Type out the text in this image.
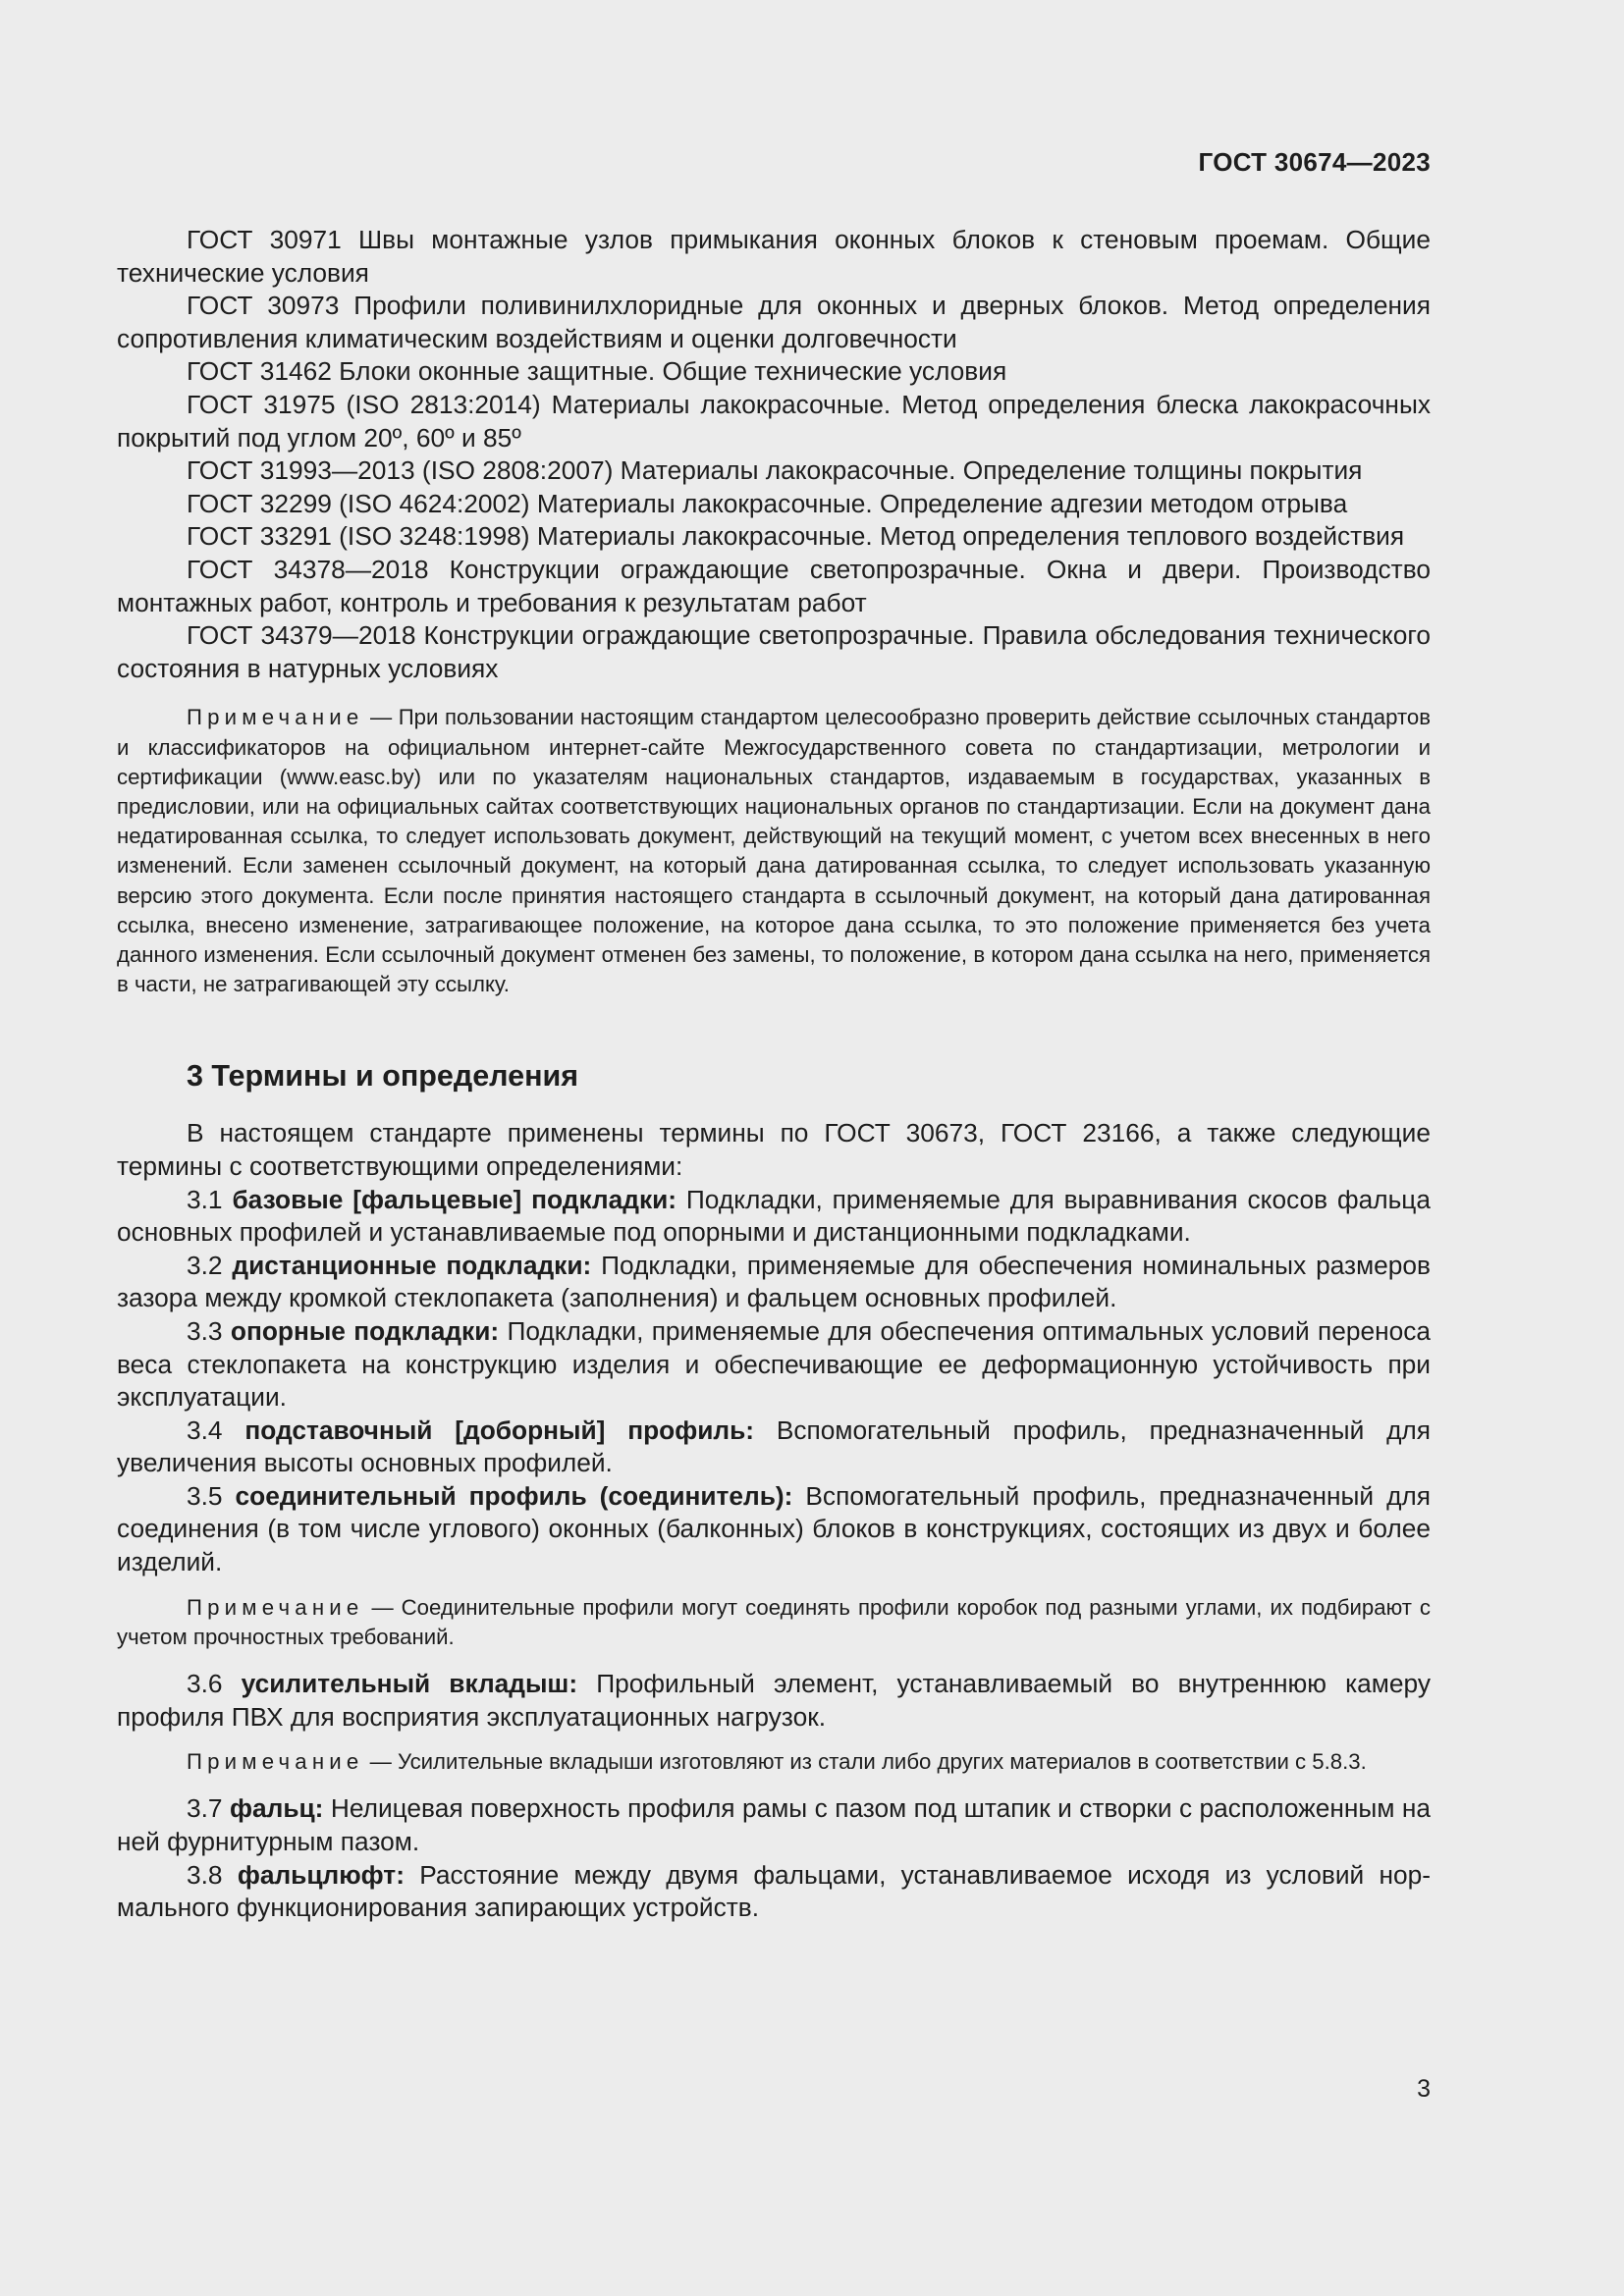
ГОСТ 30674—2023

ГОСТ 30971 Швы монтажные узлов примыкания оконных блоков к стеновым проемам. Общие технические условия

ГОСТ 30973 Профили поливинилхлоридные для оконных и дверных блоков. Метод определения сопротивления климатическим воздействиям и оценки долговечности

ГОСТ 31462 Блоки оконные защитные. Общие технические условия

ГОСТ 31975 (ISO 2813:2014) Материалы лакокрасочные. Метод определения блеска лакокрасочных покрытий под углом 20º, 60º и 85º

ГОСТ 31993—2013 (ISO 2808:2007) Материалы лакокрасочные. Определение толщины покрытия

ГОСТ 32299 (ISO 4624:2002) Материалы лакокрасочные. Определение адгезии методом отрыва

ГОСТ 33291 (ISO 3248:1998) Материалы лакокрасочные. Метод определения теплового воздействия

ГОСТ 34378—2018 Конструкции ограждающие светопрозрачные. Окна и двери. Производство монтажных работ, контроль и требования к результатам работ

ГОСТ 34379—2018 Конструкции ограждающие светопрозрачные. Правила обследования технического состояния в натурных условиях

Примечание — При пользовании настоящим стандартом целесообразно проверить действие ссылочных стандартов и классификаторов на официальном интернет-сайте Межгосударственного совета по стандартизации, метрологии и сертификации (www.easc.by) или по указателям национальных стандартов, издаваемым в государствах, указанных в предисловии, или на официальных сайтах соответствующих национальных органов по стандартизации. Если на документ дана недатированная ссылка, то следует использовать документ, действующий на текущий момент, с учетом всех внесенных в него изменений. Если заменен ссылочный документ, на который дана датированная ссылка, то следует использовать указанную версию этого документа. Если после принятия настоящего стандарта в ссылочный документ, на который дана датированная ссылка, внесено изменение, затрагивающее положение, на которое дана ссылка, то это положение применяется без учета данного изменения. Если ссылочный документ отменен без замены, то положение, в котором дана ссылка на него, применяется в части, не затрагивающей эту ссылку.

3 Термины и определения

В настоящем стандарте применены термины по ГОСТ 30673, ГОСТ 23166, а также следующие термины с соответствующими определениями:

3.1 базовые [фальцевые] подкладки: Подкладки, применяемые для выравнивания скосов фальца основных профилей и устанавливаемые под опорными и дистанционными подкладками.

3.2 дистанционные подкладки: Подкладки, применяемые для обеспечения номинальных размеров зазора между кромкой стеклопакета (заполнения) и фальцем основных профилей.

3.3 опорные подкладки: Подкладки, применяемые для обеспечения оптимальных условий переноса веса стеклопакета на конструкцию изделия и обеспечивающие ее деформационную устойчивость при эксплуатации.

3.4 подставочный [доборный] профиль: Вспомогательный профиль, предназначенный для увеличения высоты основных профилей.

3.5 соединительный профиль (соединитель): Вспомогательный профиль, предназначенный для соединения (в том числе углового) оконных (балконных) блоков в конструкциях, состоящих из двух и более изделий.

Примечание — Соединительные профили могут соединять профили коробок под разными углами, их подбирают с учетом прочностных требований.

3.6 усилительный вкладыш: Профильный элемент, устанавливаемый во внутреннюю камеру профиля ПВХ для восприятия эксплуатационных нагрузок.

Примечание — Усилительные вкладыши изготовляют из стали либо других материалов в соответствии с 5.8.3.

3.7 фальц: Нелицевая поверхность профиля рамы с пазом под штапик и створки с расположенным на ней фурнитурным пазом.

3.8 фальцлюфт: Расстояние между двумя фальцами, устанавливаемое исходя из условий нормального функционирования запирающих устройств.

3
